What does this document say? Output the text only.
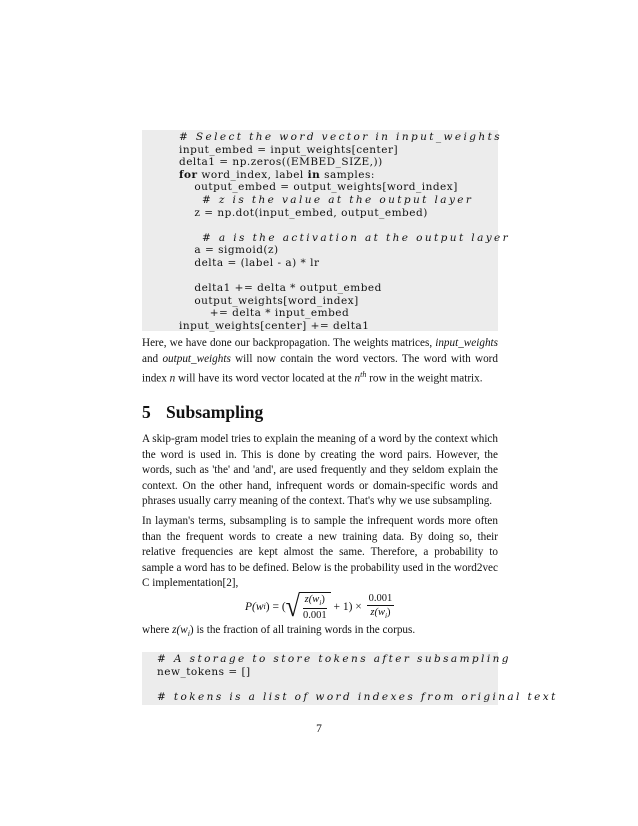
# Select the word vector in input_weights
input_embed = input_weights[center]
delta1 = np.zeros((EMBED_SIZE,))
for word_index, label in samples:
output_embed = output_weights[word_index]
# z is the value at the output layer
z = np.dot(input_embed, output_embed)
# a is the activation at the output layer
a = sigmoid(z)
delta = (label - a) * lr
delta1 += delta * output_embed
output_weights[word_index]
+= delta * input_embed
input_weights[center] += delta1

Here, we have done our backpropagation. The weights matrices, input_weights and output_weights will now contain the word vectors. The word with word index n will have its word vector located at the $n^{th}$ row in the weight matrix.

5 Subsampling

A skip-gram model tries to explain the meaning of a word by the context which the word is used in. This is done by creating the word pairs. However, the words, such as 'the' and 'and', are used frequently and they seldom explain the context. On the other hand, infrequent words or domain-specific words and phrases usually carry meaning of the context. That's why we use subsampling.

In layman's terms, subsampling is to sample the infrequent words more often than the frequent words to create a new training data. By doing so, their relative frequencies are kept almost the same. Therefore, a probability to sample a word has to be defined. Below is the probability used in the word2vec C implementation[2],

P(w i ) = ( √ $\frac{z(w_i)}{0.001} + 1) \times \frac{0.001}{z(w_i)}$

where $z(w_i)$ is the fraction of all training words in the corpus.

# A storage to store tokens after subsampling
new_tokens = []
# tokens is a list of word indexes from original text
7
